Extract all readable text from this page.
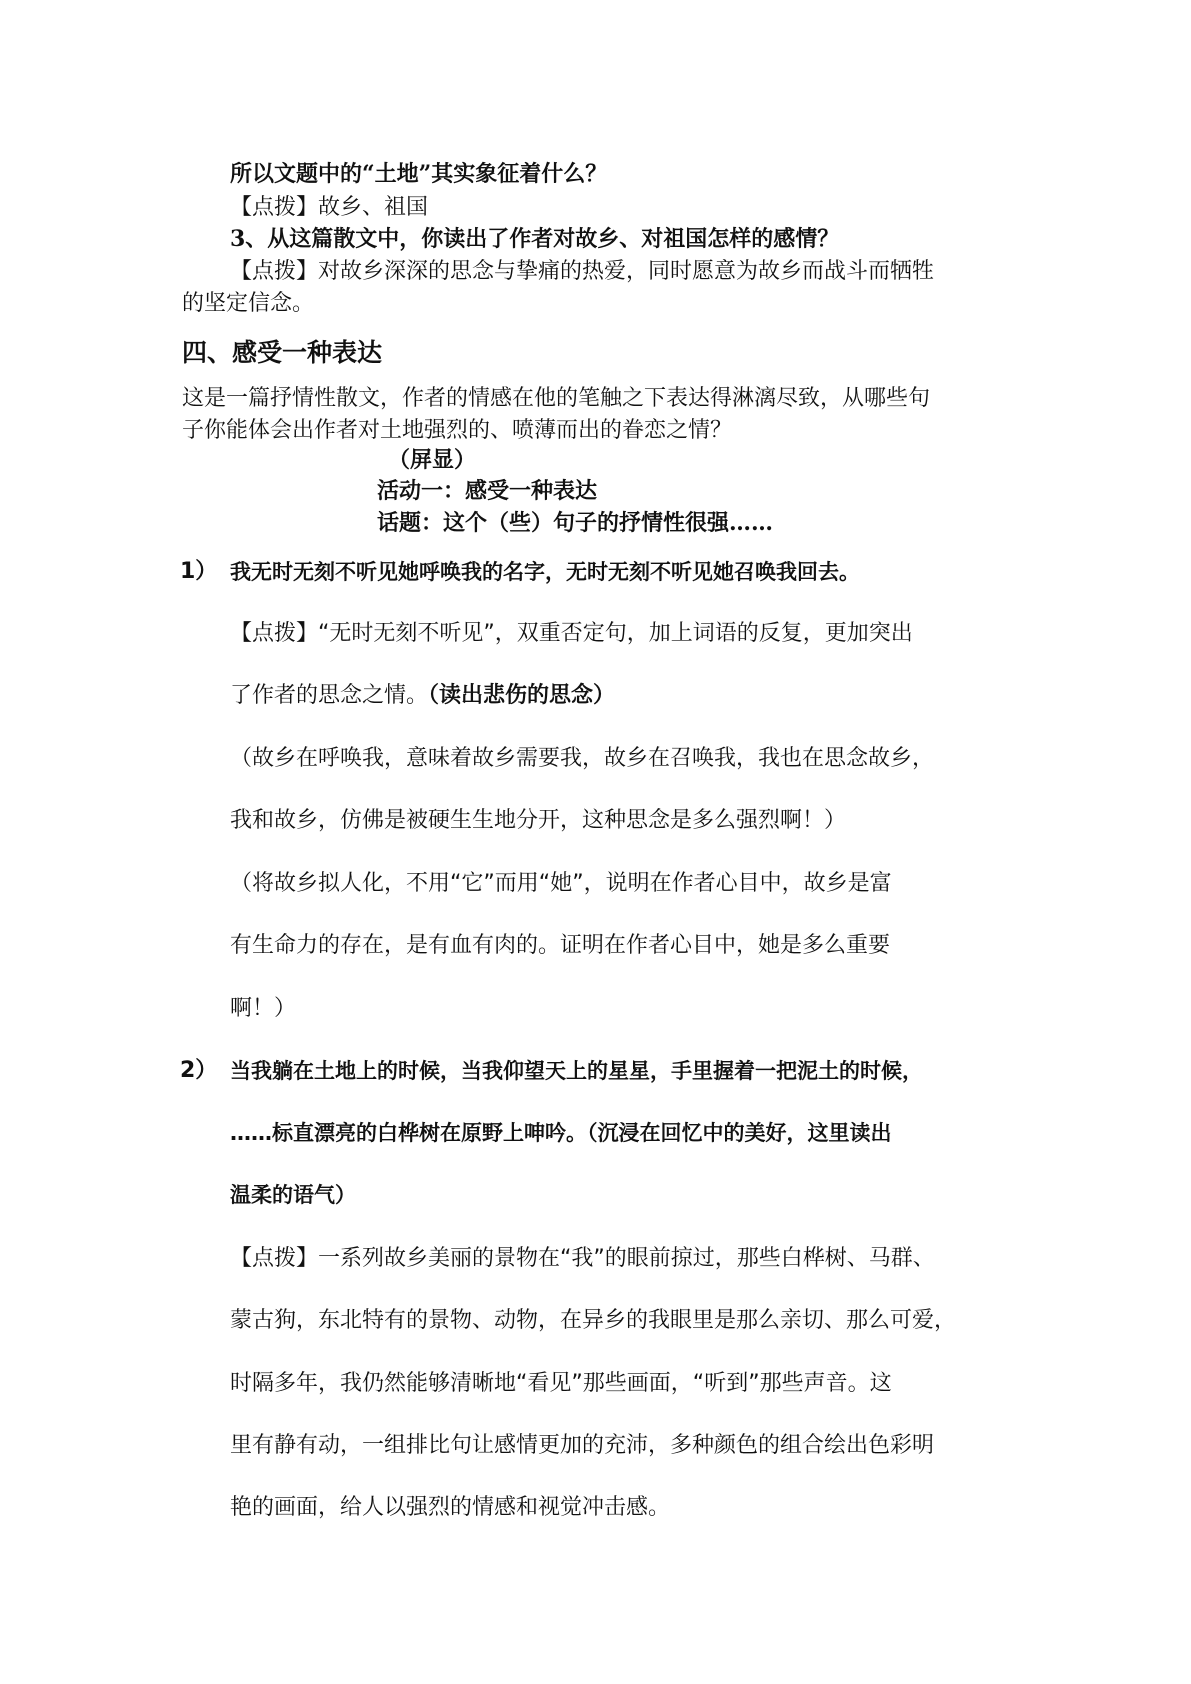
所以文题中的“土地”其实象征着什么？

【点拨】故乡、祖国

3、从这篇散文中，你读出了作者对故乡、对祖国怎样的感情？

【点拨】对故乡深深的思念与挚痛的热爱，同时愿意为故乡而战斗而牺牲

的坚定信念。

四、感受一种表达

这是一篇抒情性散文，作者的情感在他的笔触之下表达得淋漓尽致，从哪些句

子你能体会出作者对土地强烈的、喷薄而出的眷恋之情？

（屏显）

活动一：感受一种表达

话题：这个（些）句子的抒情性很强……

1） 我无时无刻不听见她呼唤我的名字，无时无刻不听见她召唤我回去。

【点拨】“无时无刻不听见”，双重否定句，加上词语的反复，更加突出

了作者的思念之情。（读出悲伤的思念）

（故乡在呼唤我，意味着故乡需要我，故乡在召唤我，我也在思念故乡，

我和故乡，仿佛是被硬生生地分开，这种思念是多么强烈啊！）

（将故乡拟人化，不用“它”而用“她”，说明在作者心目中，故乡是富

有生命力的存在，是有血有肉的。证明在作者心目中，她是多么重要

啊！）

2） 当我躺在土地上的时候，当我仰望天上的星星，手里握着一把泥土的时候，

……标直漂亮的白桦树在原野上呻吟。（沉浸在回忆中的美好，这里读出

温柔的语气）

【点拨】一系列故乡美丽的景物在“我”的眼前掠过，那些白桦树、马群、

蒙古狗，东北特有的景物、动物，在异乡的我眼里是那么亲切、那么可爱，

时隔多年，我仍然能够清晰地“看见”那些画面，“听到”那些声音。这

里有静有动，一组排比句让感情更加的充沛，多种颜色的组合绘出色彩明

艳的画面，给人以强烈的情感和视觉冲击感。
